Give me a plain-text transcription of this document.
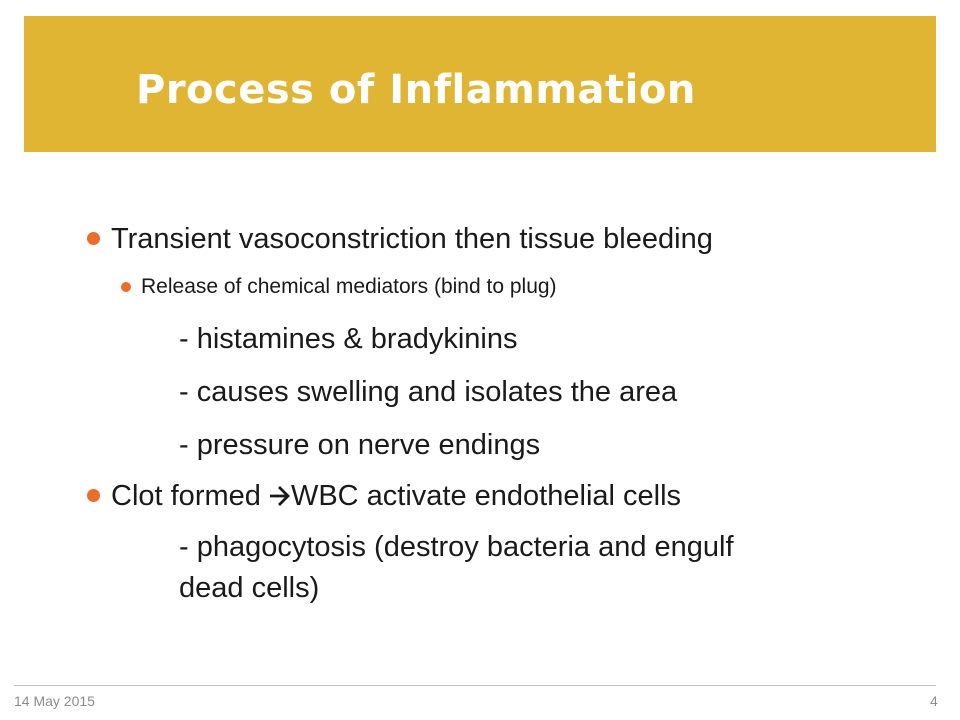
Process of Inflammation
Transient vasoconstriction then tissue bleeding
Release of chemical mediators (bind to plug)
- histamines & bradykinins
- causes swelling and isolates the area
- pressure on nerve endings
Clot formed WBC activate endothelial cells
- phagocytosis (destroy bacteria and engulf
dead cells)
14 May 2015	4
